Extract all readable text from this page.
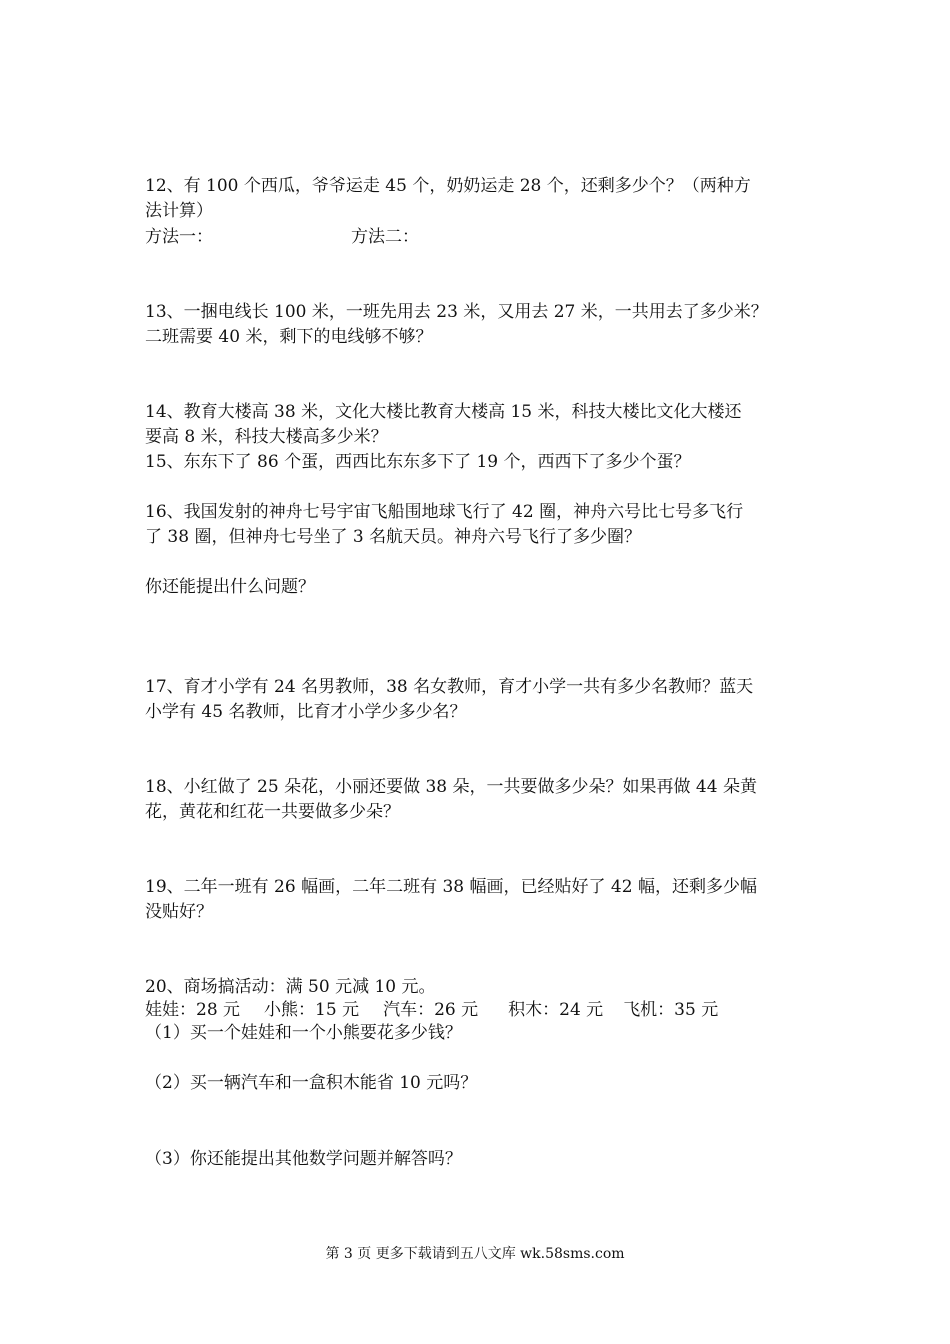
12、有 100 个西瓜，爷爷运走 45 个，奶奶运走 28 个，还剩多少个？（两种方
法计算）
方法一：	方法二：
13、一捆电线长 100 米，一班先用去 23 米，又用去 27 米，一共用去了多少米？
二班需要 40 米，剩下的电线够不够？
14、教育大楼高 38 米，文化大楼比教育大楼高 15 米，科技大楼比文化大楼还
要高 8 米，科技大楼高多少米？
15、东东下了 86 个蛋，西西比东东多下了 19 个，西西下了多少个蛋？
16、我国发射的神舟七号宇宙飞船围地球飞行了 42 圈，神舟六号比七号多飞行
了 38 圈，但神舟七号坐了 3 名航天员。神舟六号飞行了多少圈？
你还能提出什么问题？
17、育才小学有 24 名男教师，38 名女教师，育才小学一共有多少名教师？蓝天
小学有 45 名教师，比育才小学少多少名？
18、小红做了 25 朵花，小丽还要做 38 朵，一共要做多少朵？如果再做 44 朵黄
花，黄花和红花一共要做多少朵？
19、二年一班有 26 幅画，二年二班有 38 幅画，已经贴好了 42 幅，还剩多少幅
没贴好？
20、商场搞活动：满 50 元减 10 元。
娃娃：28 元 小熊：15 元 汽车：26 元 积木：24 元 飞机：35 元
（1）买一个娃娃和一个小熊要花多少钱？
（2）买一辆汽车和一盒积木能省 10 元吗？
（3）你还能提出其他数学问题并解答吗？
第 3 页 更多下载请到五八文库 wk.58sms.com
